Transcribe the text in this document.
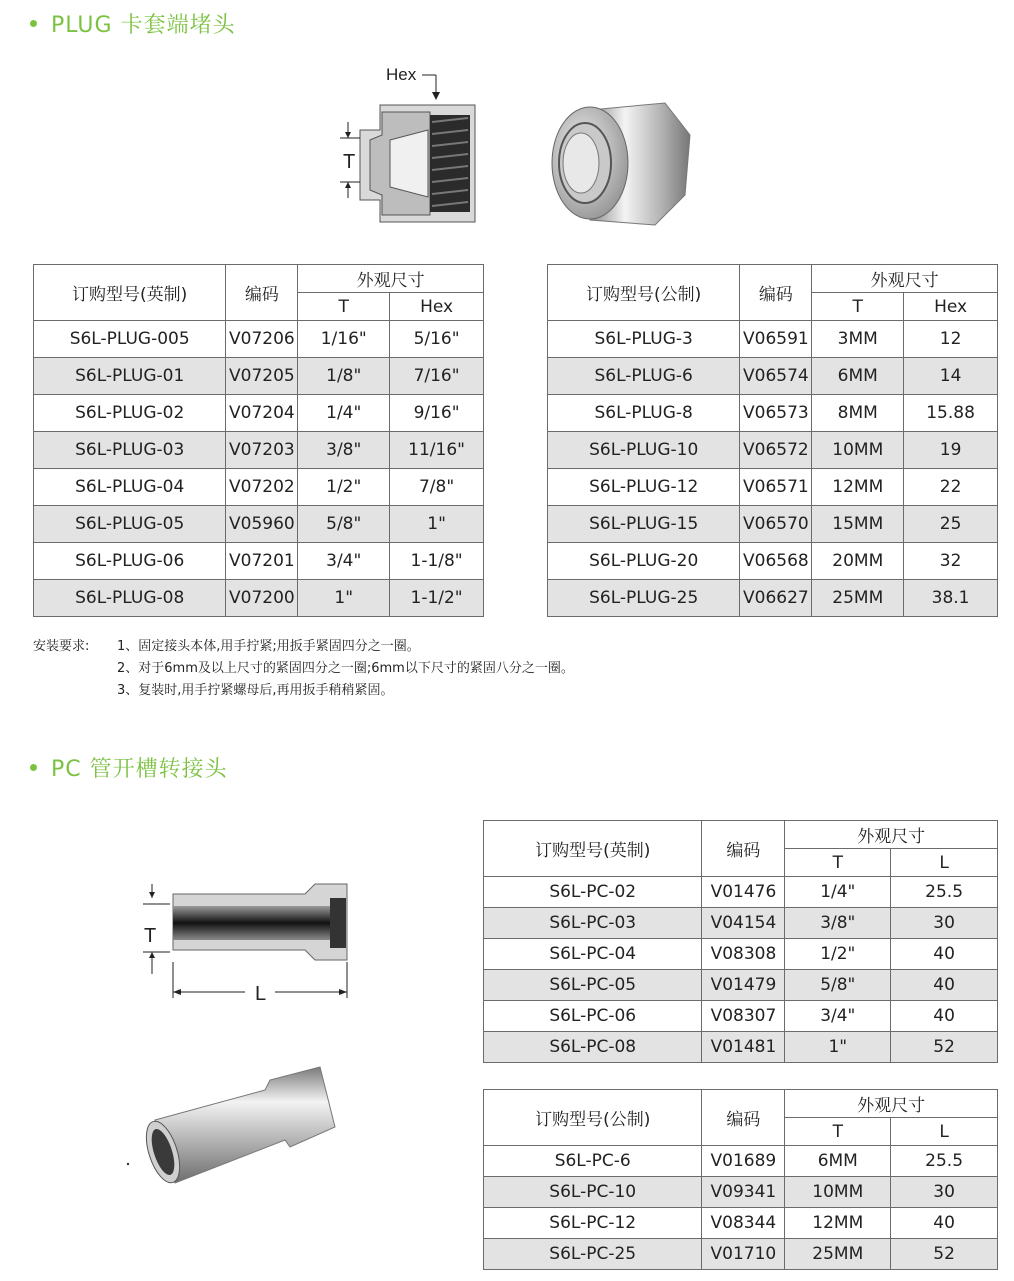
PLUG 卡套端堵头
Hex
T
订购型号(英制)	编码	外观尺寸	
		T	Hex
S6L-PLUG-005	V07206	1/16"	5/16"
S6L-PLUG-01	V07205	1/8"	7/16"
S6L-PLUG-02	V07204	1/4"	9/16"
S6L-PLUG-03	V07203	3/8"	11/16"
S6L-PLUG-04	V07202	1/2"	7/8"
S6L-PLUG-05	V05960	5/8"	1"
S6L-PLUG-06	V07201	3/4"	1-1/8"
S6L-PLUG-08	V07200	1"	1-1/2"
订购型号(公制)	编码	外观尺寸	
		T	Hex
S6L-PLUG-3	V06591	3MM	12
S6L-PLUG-6	V06574	6MM	14
S6L-PLUG-8	V06573	8MM	15.88
S6L-PLUG-10	V06572	10MM	19
S6L-PLUG-12	V06571	12MM	22
S6L-PLUG-15	V06570	15MM	25
S6L-PLUG-20	V06568	20MM	32
S6L-PLUG-25	V06627	25MM	38.1
安装要求:	1、固定接头本体,用手拧紧;用扳手紧固四分之一圈。
2、对于6mm及以上尺寸的紧固四分之一圈;6mm以下尺寸的紧固八分之一圈。
3、复装时,用手拧紧螺母后,再用扳手稍稍紧固。
PC 管开槽转接头
T
L
订购型号(英制)	编码	外观尺寸	
		T	L
S6L-PC-02	V01476	1/4"	25.5
S6L-PC-03	V04154	3/8"	30
S6L-PC-04	V08308	1/2"	40
S6L-PC-05	V01479	5/8"	40
S6L-PC-06	V08307	3/4"	40
S6L-PC-08	V01481	1"	52
订购型号(公制)	编码	外观尺寸	
		T	L
S6L-PC-6	V01689	6MM	25.5
S6L-PC-10	V09341	10MM	30
S6L-PC-12	V08344	12MM	40
S6L-PC-25	V01710	25MM	52
